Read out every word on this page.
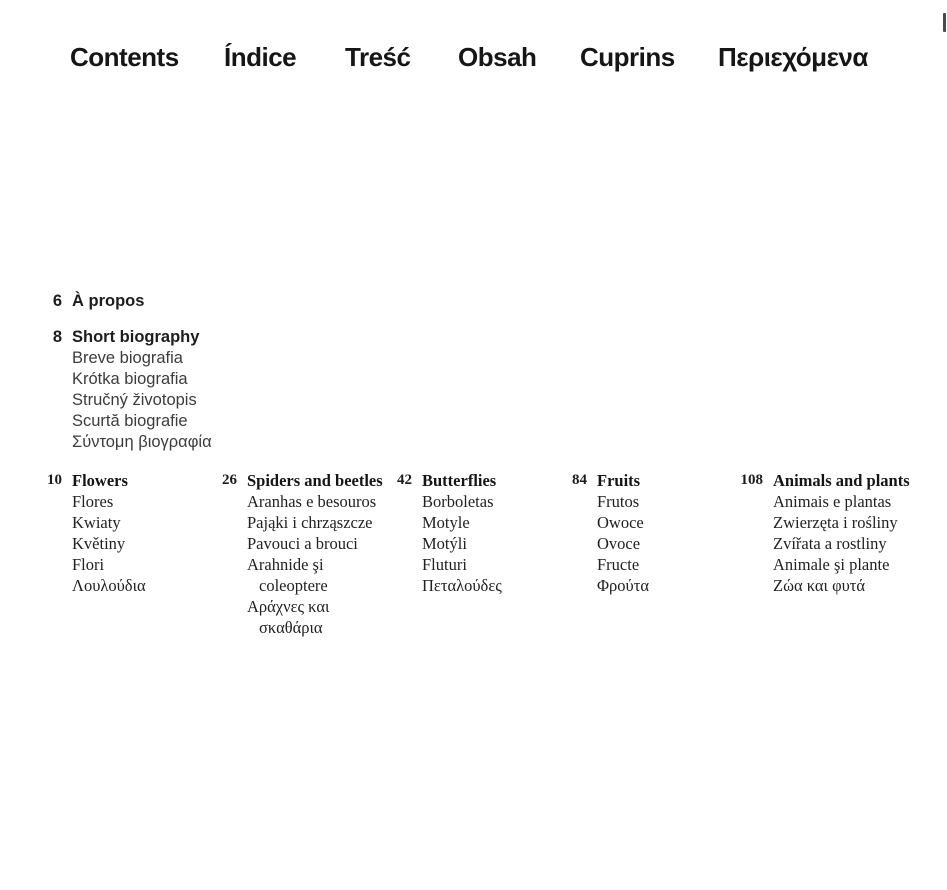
Contents Índice Treść Obsah Cuprins Περιεχόμενα
6 À propos

8 Short biography

Breve biografia

Krótka biografia

Stručný životopis

Scurtă biografie

Σύντομη βιογραφία

10 Flowers

Flores

Kwiaty

Květiny

Flori

Λουλούδια

26 Spiders and beetles

Aranhas e besouros

Pająki i chrząszcze

Pavouci a brouci

Arahnide şi

coleoptere

Αράχνες και

σκαθάρια

42 Butterflies

Borboletas

Motyle

Motýli

Fluturi

Πεταλούδες

84 Fruits

Frutos

Owoce

Ovoce

Fructe

Φρούτα

108 Animals and plants

Animais e plantas

Zwierzęta i rośliny

Zvířata a rostliny

Animale şi plante

Ζώα και φυτά
